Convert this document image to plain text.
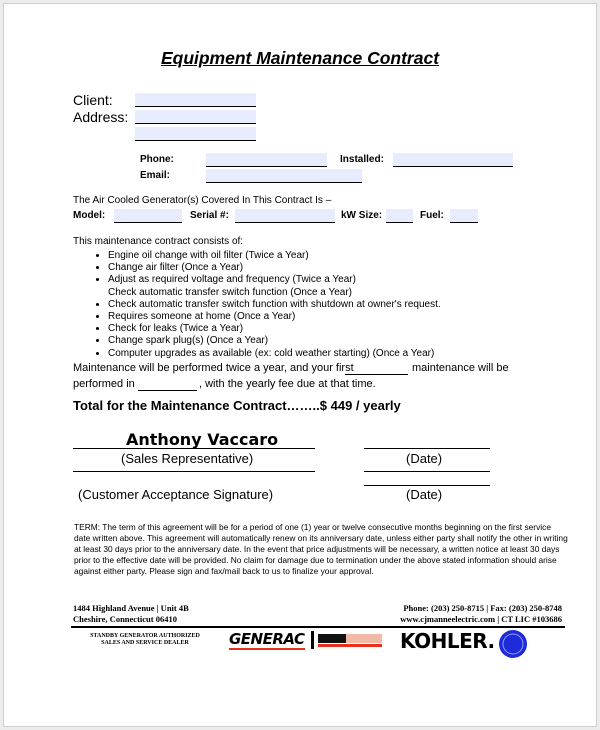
Equipment Maintenance Contract
Client:
Address:
Phone:	Installed:
Email:
The Air Cooled Generator(s) Covered In This Contract Is –
Model:	Serial #:	kW Size:	Fuel:
This maintenance contract consists of:
• Engine oil change with oil filter (Twice a Year)
• Change air filter (Once a Year)
• Adjust as required voltage and frequency (Twice a Year)
Check automatic transfer switch function (Once a Year)
• Check automatic transfer switch function with shutdown at owner's request.
• Requires someone at home (Once a Year)
• Check for leaks (Twice a Year)
• Change spark plug(s) (Once a Year)
• Computer upgrades as available (ex: cold weather starting) (Once a Year)
Maintenance will be performed twice a year, and your first	maintenance will be
performed in	, with the yearly fee due at that time.
Total for the Maintenance Contract……..$ 449 / yearly
Anthony Vaccaro
(Sales Representative)	(Date)
(Customer Acceptance Signature)	(Date)
TERM: The term of this agreement will be for a period of one (1) year or twelve consecutive months beginning on the first service date written above. This agreement will automatically renew on its anniversary date, unless either party shall notify the other in writing at least 30 days prior to the anniversary date. In the event that price adjustments will be necessary, a written notice at least 30 days prior to the effective date will be provided. No claim for damage due to termination under the above stated information should arise against either party. Please sign and fax/mail back to us to finalize your approval.
1484 Highland Avenue | Unit 4B
Cheshire, Connecticut 06410
Phone: (203) 250-8715 | Fax: (203) 250-8748
www.cjmanneelectric.com | CT LIC #103686
STANDBY GENERATOR AUTHORIZED
SALES AND SERVICE DEALER	GENERAC	KOHLER.
